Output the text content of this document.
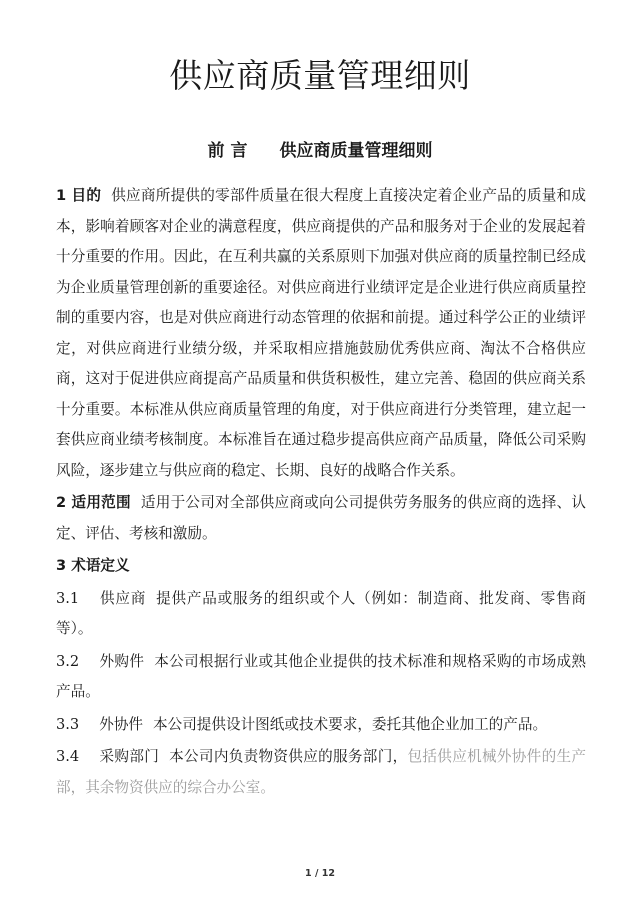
供应商质量管理细则
前 言 供应商质量管理细则

1 目的 供应商所提供的零部件质量在很大程度上直接决定着企业产品的质量和成本，影响着顾客对企业的满意程度，供应商提供的产品和服务对于企业的发展起着十分重要的作用。因此，在互利共赢的关系原则下加强对供应商的质量控制已经成为企业质量管理创新的重要途径。对供应商进行业绩评定是企业进行供应商质量控制的重要内容，也是对供应商进行动态管理的依据和前提。通过科学公正的业绩评定，对供应商进行业绩分级，并采取相应措施鼓励优秀供应商、淘汰不合格供应商，这对于促进供应商提高产品质量和供货积极性，建立完善、稳固的供应商关系十分重要。本标准从供应商质量管理的角度，对于供应商进行分类管理，建立起一套供应商业绩考核制度。本标准旨在通过稳步提高供应商产品质量，降低公司采购风险，逐步建立与供应商的稳定、长期、良好的战略合作关系。

2 适用范围 适用于公司对全部供应商或向公司提供劳务服务的供应商的选择、认定、评估、考核和激励。

3 术语定义

3.1 供应商 提供产品或服务的组织或个人（例如：制造商、批发商、零售商等）。

3.2 外购件 本公司根据行业或其他企业提供的技术标准和规格采购的市场成熟产品。

3.3 外协件 本公司提供设计图纸或技术要求，委托其他企业加工的产品。

3.4 采购部门 本公司内负责物资供应的服务部门，包括供应机械外协件的生产部，其余物资供应的综合办公室。

1 / 12
